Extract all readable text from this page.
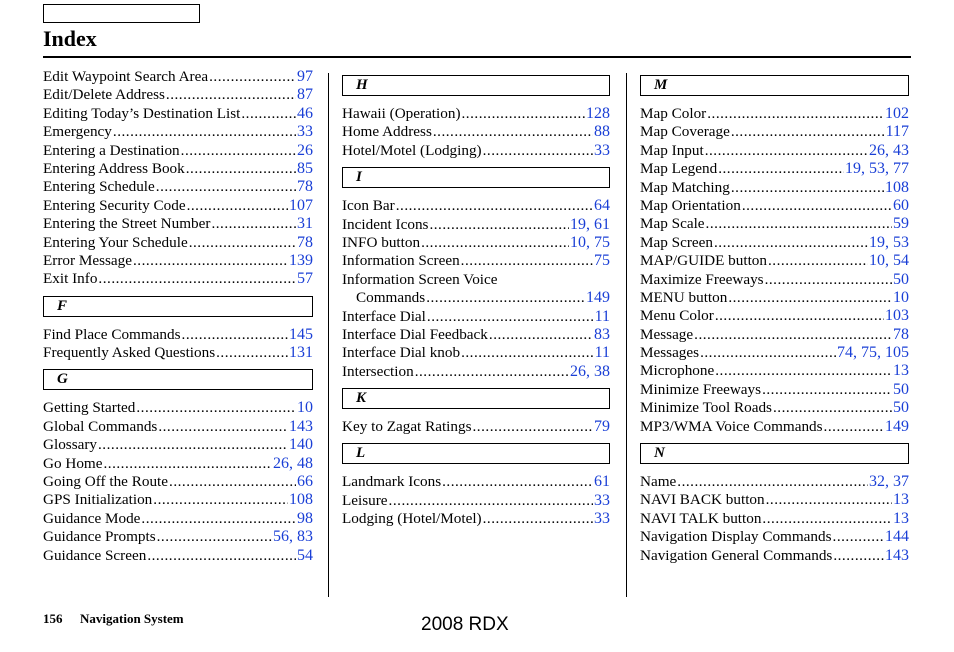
Index
Edit Waypoint Search Area .....	97
Edit/Delete Address .....	87
Editing Today’s Destination List .....	46
Emergency .....	33
Entering a Destination .....	26
Entering Address Book .....	85
Entering Schedule .....	78
Entering Security Code .....	107
Entering the Street Number .....	31
Entering Your Schedule .....	78
Error Message .....	139
Exit Info .....	57
F
Find Place Commands .....	145
Frequently Asked Questions .....	131
G
Getting Started .....	10
Global Commands .....	143
Glossary .....	140
Go Home .....	26, 48
Going Off the Route .....	66
GPS Initialization .....	108
Guidance Mode .....	98
Guidance Prompts .....	56, 83
Guidance Screen .....	54
H
Hawaii (Operation) .....	128
Home Address .....	88
Hotel/Motel (Lodging) .....	33
I
Icon Bar .....	64
Incident Icons .....	19, 61
INFO button .....	10, 75
Information Screen .....	75
Information Screen Voice
Commands .....	149
Interface Dial .....	11
Interface Dial Feedback .....	83
Interface Dial knob .....	11
Intersection .....	26, 38
K
Key to Zagat Ratings .....	79
L
Landmark Icons .....	61
Leisure .....	33
Lodging (Hotel/Motel) .....	33
M
Map Color .....	102
Map Coverage .....	117
Map Input .....	26, 43
Map Legend .....	19, 53, 77
Map Matching .....	108
Map Orientation .....	60
Map Scale .....	59
Map Screen .....	19, 53
MAP/GUIDE button .....	10, 54
Maximize Freeways .....	50
MENU button .....	10
Menu Color .....	103
Message .....	78
Messages .....	74, 75, 105
Microphone .....	13
Minimize Freeways .....	50
Minimize Tool Roads .....	50
MP3/WMA Voice Commands .....	149
N
Name .....	32, 37
NAVI BACK button .....	13
NAVI TALK button .....	13
Navigation Display Commands .....	144
Navigation General Commands .....	143
156 Navigation System	2008 RDX
